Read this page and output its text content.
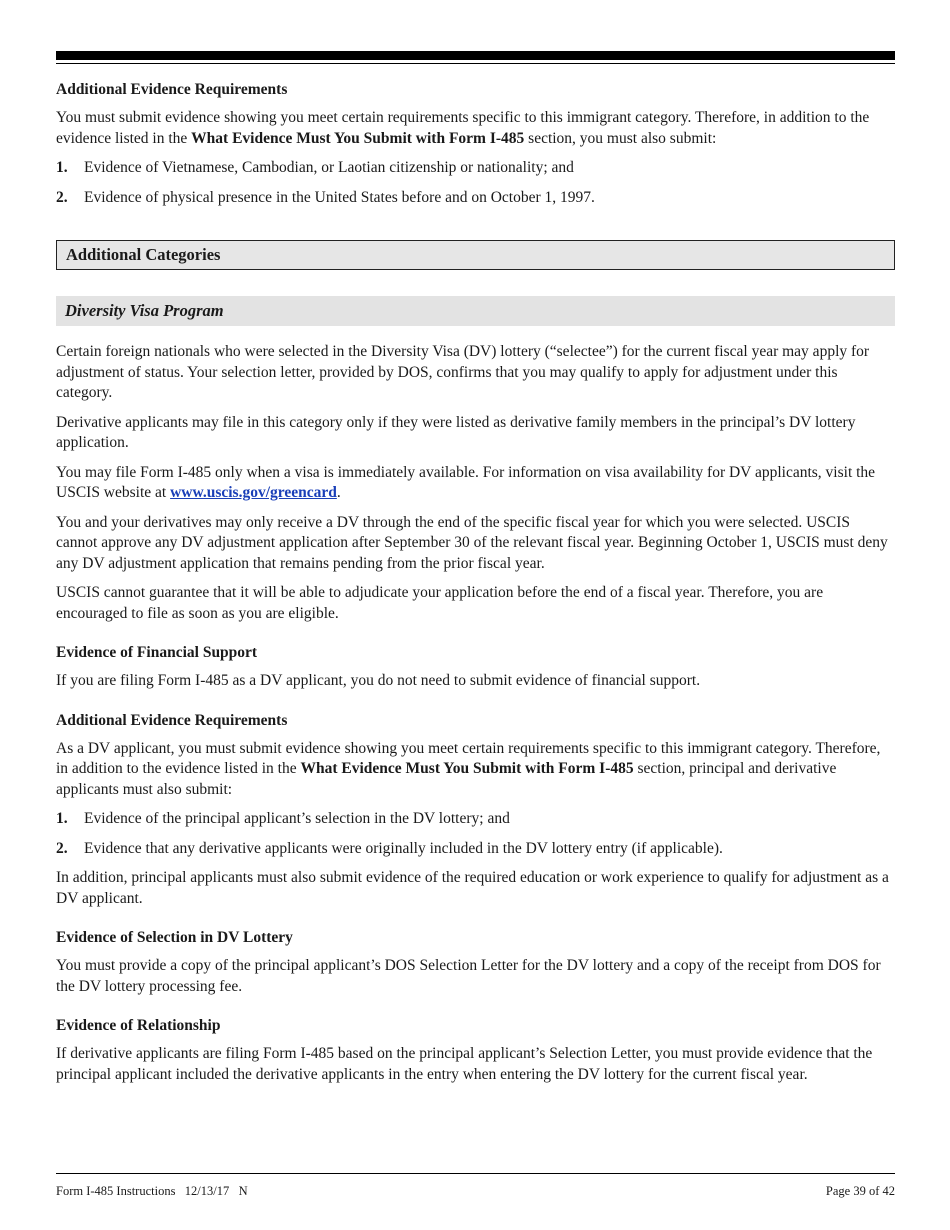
Additional Evidence Requirements

You must submit evidence showing you meet certain requirements specific to this immigrant category. Therefore, in addition to the evidence listed in the What Evidence Must You Submit with Form I-485 section, you must also submit:

1.	Evidence of Vietnamese, Cambodian, or Laotian citizenship or nationality; and
2.	Evidence of physical presence in the United States before and on October 1, 1997.
Additional Categories
Diversity Visa Program

Certain foreign nationals who were selected in the Diversity Visa (DV) lottery (“selectee”) for the current fiscal year may apply for adjustment of status. Your selection letter, provided by DOS, confirms that you may qualify to apply for adjustment under this category.

Derivative applicants may file in this category only if they were listed as derivative family members in the principal’s DV lottery application.

You may file Form I-485 only when a visa is immediately available. For information on visa availability for DV applicants, visit the USCIS website at www.uscis.gov/greencard.

You and your derivatives may only receive a DV through the end of the specific fiscal year for which you were selected. USCIS cannot approve any DV adjustment application after September 30 of the relevant fiscal year. Beginning October 1, USCIS must deny any DV adjustment application that remains pending from the prior fiscal year.

USCIS cannot guarantee that it will be able to adjudicate your application before the end of a fiscal year. Therefore, you are encouraged to file as soon as you are eligible.

Evidence of Financial Support

If you are filing Form I-485 as a DV applicant, you do not need to submit evidence of financial support.

Additional Evidence Requirements

As a DV applicant, you must submit evidence showing you meet certain requirements specific to this immigrant category. Therefore, in addition to the evidence listed in the What Evidence Must You Submit with Form I-485 section, principal and derivative applicants must also submit:

1.	Evidence of the principal applicant’s selection in the DV lottery; and
2.	Evidence that any derivative applicants were originally included in the DV lottery entry (if applicable).

In addition, principal applicants must also submit evidence of the required education or work experience to qualify for adjustment as a DV applicant.

Evidence of Selection in DV Lottery

You must provide a copy of the principal applicant’s DOS Selection Letter for the DV lottery and a copy of the receipt from DOS for the DV lottery processing fee.

Evidence of Relationship

If derivative applicants are filing Form I-485 based on the principal applicant’s Selection Letter, you must provide evidence that the principal applicant included the derivative applicants in the entry when entering the DV lottery for the current fiscal year.

Form I-485 Instructions   12/13/17   N	Page 39 of 42
